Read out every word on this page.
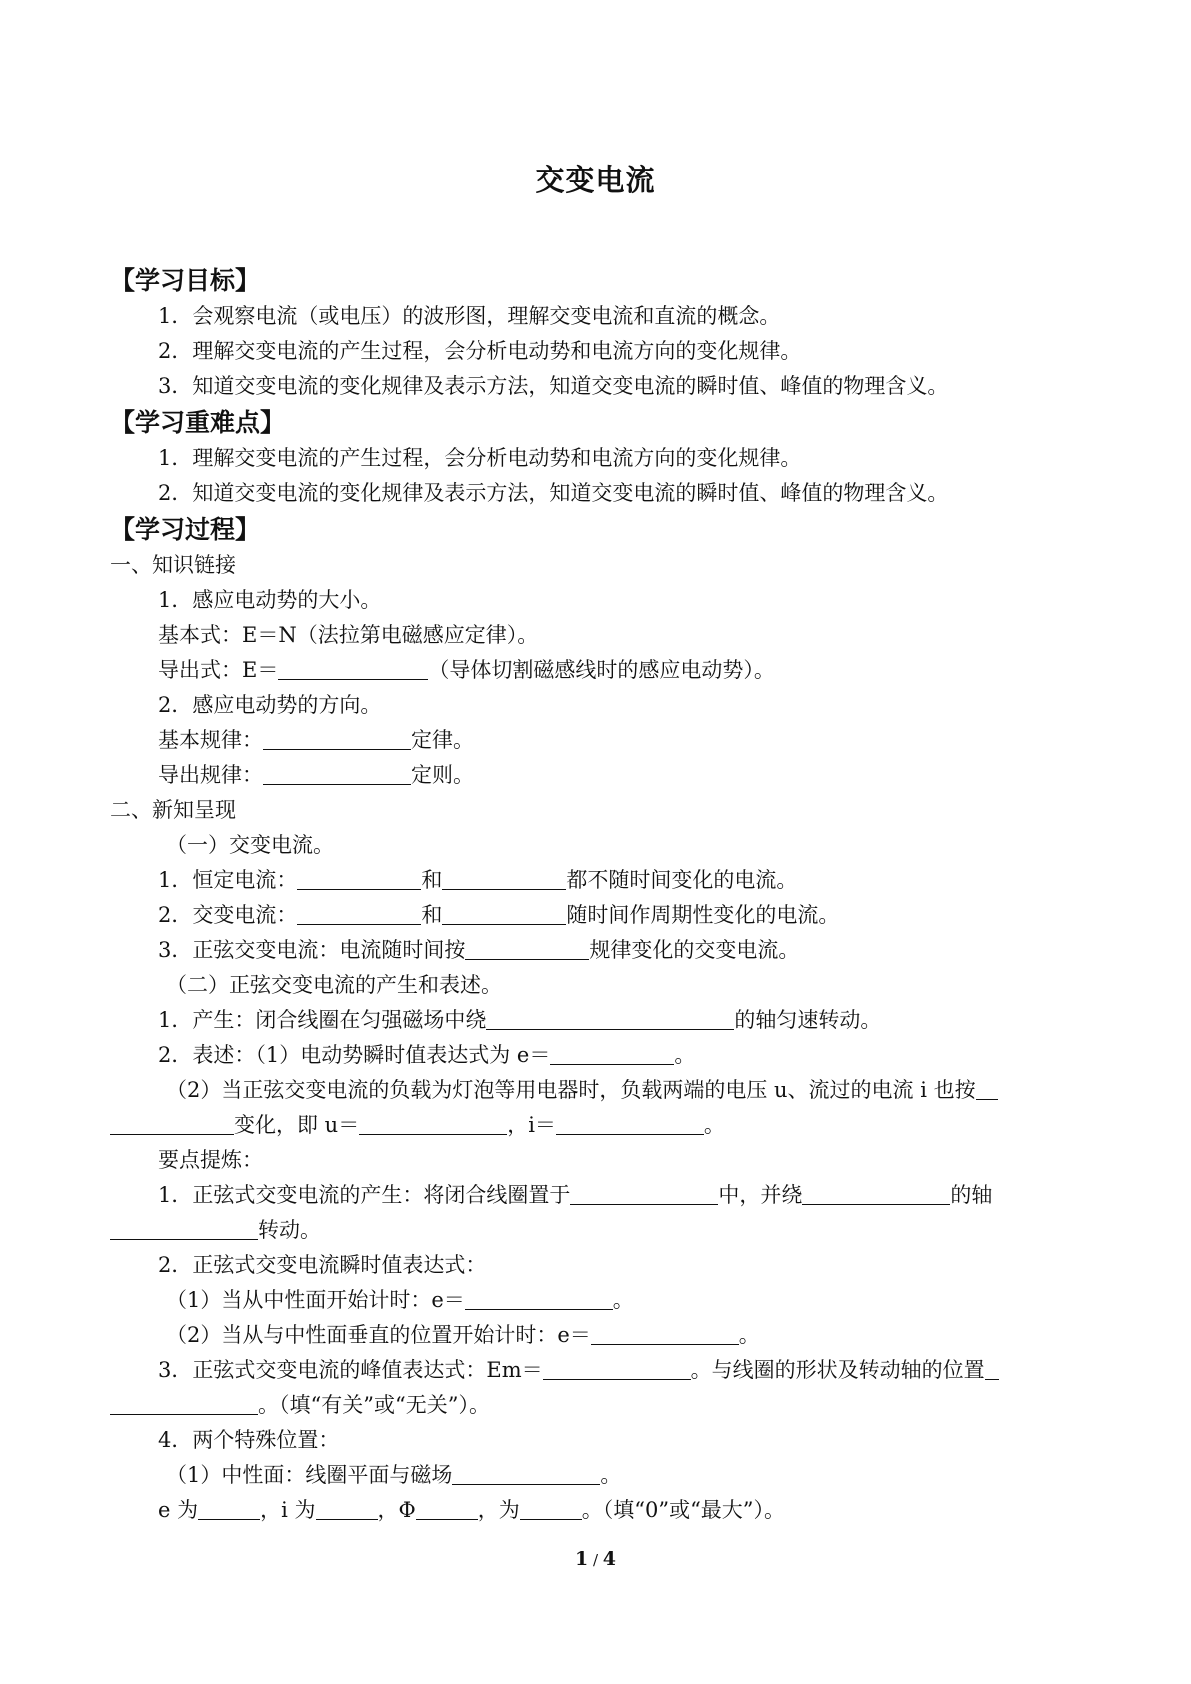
交变电流
【学习目标】
1．会观察电流（或电压）的波形图，理解交变电流和直流的概念。
2．理解交变电流的产生过程，会分析电动势和电流方向的变化规律。
3．知道交变电流的变化规律及表示方法，知道交变电流的瞬时值、峰值的物理含义。
【学习重难点】
1．理解交变电流的产生过程，会分析电动势和电流方向的变化规律。
2．知道交变电流的变化规律及表示方法，知道交变电流的瞬时值、峰值的物理含义。
【学习过程】
一、知识链接
1．感应电动势的大小。
基本式：E＝N（法拉第电磁感应定律）。
导出式：E＝	（导体切割磁感线时的感应电动势）。
2．感应电动势的方向。
基本规律：	定律。
导出规律：	定则。
二、新知呈现
（一）交变电流。
1．恒定电流：	和	都不随时间变化的电流。
2．交变电流：	和	随时间作周期性变化的电流。
3．正弦交变电流：电流随时间按	规律变化的交变电流。
（二）正弦交变电流的产生和表述。
1．产生：闭合线圈在匀强磁场中绕	的轴匀速转动。
2．表述：（1）电动势瞬时值表达式为 e＝	。
（2）当正弦交变电流的负载为灯泡等用电器时，负载两端的电压 u、流过的电流 i 也按
变化，即 u＝	，i＝	。
要点提炼：
1．正弦式交变电流的产生：将闭合线圈置于	中，并绕	的轴
转动。
2．正弦式交变电流瞬时值表达式：
（1）当从中性面开始计时：e＝	。
（2）当从与中性面垂直的位置开始计时：e＝	。
3．正弦式交变电流的峰值表达式：Em＝	。与线圈的形状及转动轴的位置
。（填“有关”或“无关”）。
4．两个特殊位置：
（1）中性面：线圈平面与磁场	。
e 为	，i 为	，Φ	，为	。（填“0”或“最大”）。
1 / 4
